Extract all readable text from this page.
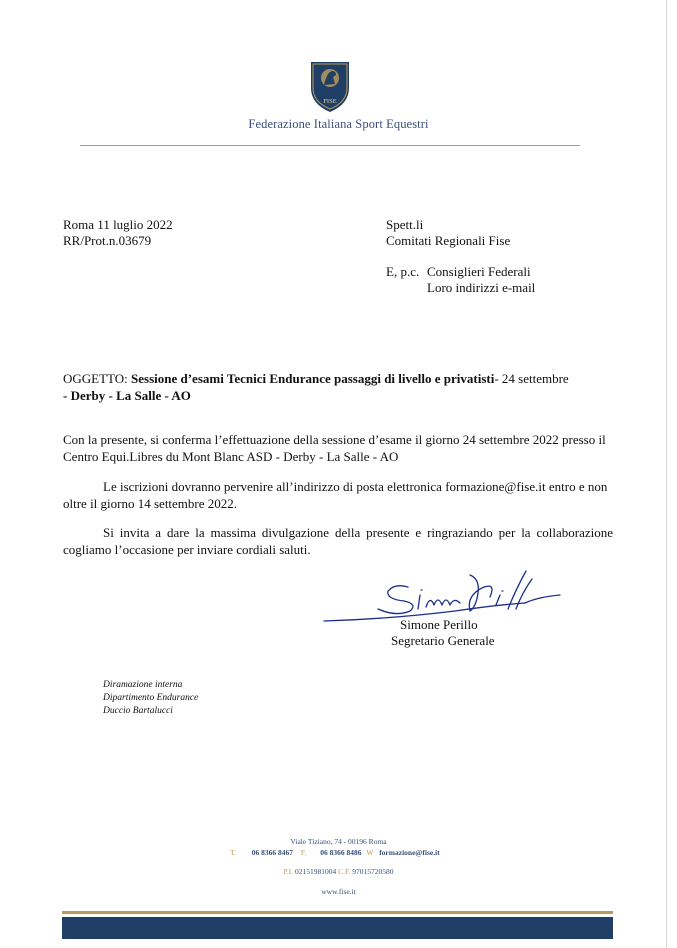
FISE
Federazione Italiana Sport Equestri
Roma 11 luglio 2022
RR/Prot.n.03679
Spett.li
Comitati Regionali Fise
E, p.c. Consiglieri Federali
Loro indirizzi e-mail
OGGETTO: Sessione d’esami Tecnici Endurance passaggi di livello e privatisti- 24 settembre
- Derby - La Salle - AO
Con la presente, si conferma l’effettuazione della sessione d’esame il giorno 24 settembre 2022 presso il
Centro Equi.Libres du Mont Blanc ASD - Derby - La Salle - AO
Le iscrizioni dovranno pervenire all’indirizzo di posta elettronica formazione@fise.it entro e non
oltre il giorno 14 settembre 2022.
Si invita a dare la massima divulgazione della presente e ringraziando per la collaborazione
cogliamo l’occasione per inviare cordiali saluti.
Simone Perillo
Segretario Generale
Diramazione interna
Dipartimento Endurance
Duccio Bartalucci
Viale Tiziano, 74 - 00196 Roma
T. 06 8366 8467 F. 06 8366 8486 W formazione@fise.it
P.I. 02151981004 C.F. 97015720580
www.fise.it
